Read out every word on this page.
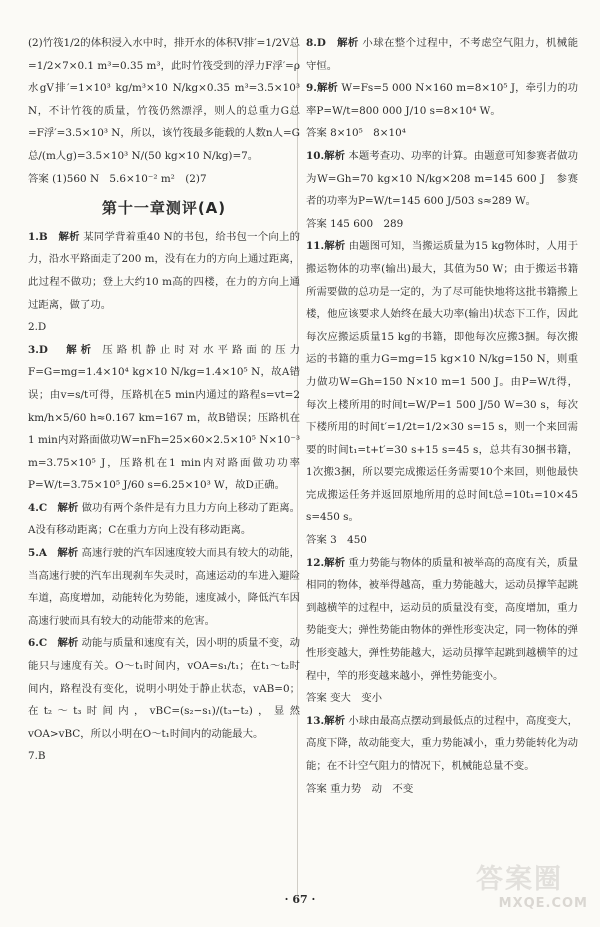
(2)竹筏1/2的体积浸入水中时，排开水的体积V排′=1/2V总=1/2×7×0.1 m³=0.35 m³，此时竹筏受到的浮力F浮′=ρ水gV排′=1×10³ kg/m³×10 N/kg×0.35 m³=3.5×10³ N，不计竹筏的质量，竹筏仍然漂浮，则人的总重力G总=F浮′=3.5×10³ N，所以，该竹筏最多能载的人数n人=G总/(m人g)=3.5×10³ N/(50 kg×10 N/kg)=7。

答案 (1)560 N　5.6×10⁻² m²　(2)7

第十一章测评(A)

1.B　解析 某同学背着重40 N的书包，给书包一个向上的力，沿水平路面走了200 m，没有在力的方向上通过距离，此过程不做功；登上大约10 m高的四楼，在力的方向上通过距离，做了功。

2.D

3.D　解析 压路机静止时对水平路面的压力F=G=mg=1.4×10⁴ kg×10 N/kg=1.4×10⁵ N，故A错误；由v=s/t可得，压路机在5 min内通过的路程s=vt=2 km/h×5/60 h≈0.167 km=167 m，故B错误；压路机在1 min内对路面做功W=nFh=25×60×2.5×10⁵ N×10⁻³ m=3.75×10⁵ J，压路机在1 min内对路面做功功率P=W/t=3.75×10⁵ J/60 s=6.25×10³ W，故D正确。

4.C　解析 做功有两个条件是有力且力方向上移动了距离。A没有移动距离；C在重力方向上没有移动距离。

5.A　解析 高速行驶的汽车因速度较大而具有较大的动能，当高速行驶的汽车出现刹车失灵时，高速运动的车进入避险车道，高度增加，动能转化为势能，速度减小，降低汽车因高速行驶而具有较大的动能带来的危害。

6.C　解析 动能与质量和速度有关，因小明的质量不变，动能只与速度有关。O～t₁时间内，vOA=s₁/t₁；在t₁～t₂时间内，路程没有变化，说明小明处于静止状态，vAB=0；在t₂～t₃时间内，vBC=(s₂−s₁)/(t₃−t₂)，显然vOA>vBC，所以小明在O～t₁时间内的动能最大。

7.B

8.D　解析 小球在整个过程中，不考虑空气阻力，机械能守恒。

9.解析 W=Fs=5 000 N×160 m=8×10⁵ J，牵引力的功率P=W/t=800 000 J/10 s=8×10⁴ W。

答案 8×10⁵　8×10⁴

10.解析 本题考查功、功率的计算。由题意可知参赛者做功为W=Gh=70 kg×10 N/kg×208 m=145 600 J　参赛者的功率为P=W/t=145 600 J/503 s≈289 W。

答案 145 600　289

11.解析 由题图可知，当搬运质量为15 kg物体时，人用于搬运物体的功率(输出)最大，其值为50 W；由于搬运书籍所需要做的总功是一定的，为了尽可能快地将这批书籍搬上楼，他应该要求人始终在最大功率(输出)状态下工作，因此每次应搬运质量15 kg的书籍，即他每次应搬3捆。每次搬运的书籍的重力G=mg=15 kg×10 N/kg=150 N，则重力做功W=Gh=150 N×10 m=1 500 J。由P=W/t得，每次上楼所用的时间t=W/P=1 500 J/50 W=30 s，每次下楼所用的时间t′=1/2t=1/2×30 s=15 s，则一个来回需要的时间t₁=t+t′=30 s+15 s=45 s，总共有30捆书籍，1次搬3捆，所以要完成搬运任务需要10个来回，则他最快完成搬运任务并返回原地所用的总时间t总=10t₁=10×45 s=450 s。

答案 3　450

12.解析 重力势能与物体的质量和被举高的高度有关，质量相同的物体，被举得越高，重力势能越大，运动员撑竿起跳到越横竿的过程中，运动员的质量没有变，高度增加，重力势能变大；弹性势能由物体的弹性形变决定，同一物体的弹性形变越大，弹性势能越大，运动员撑竿起跳到越横竿的过程中，竿的形变越来越小，弹性势能变小。

答案 变大　变小

13.解析 小球由最高点摆动到最低点的过程中，高度变大，高度下降，故动能变大，重力势能减小，重力势能转化为动能；在不计空气阻力的情况下，机械能总量不变。

答案 重力势　动　不变

· 67 ·
答案圈
MXQE.COM
